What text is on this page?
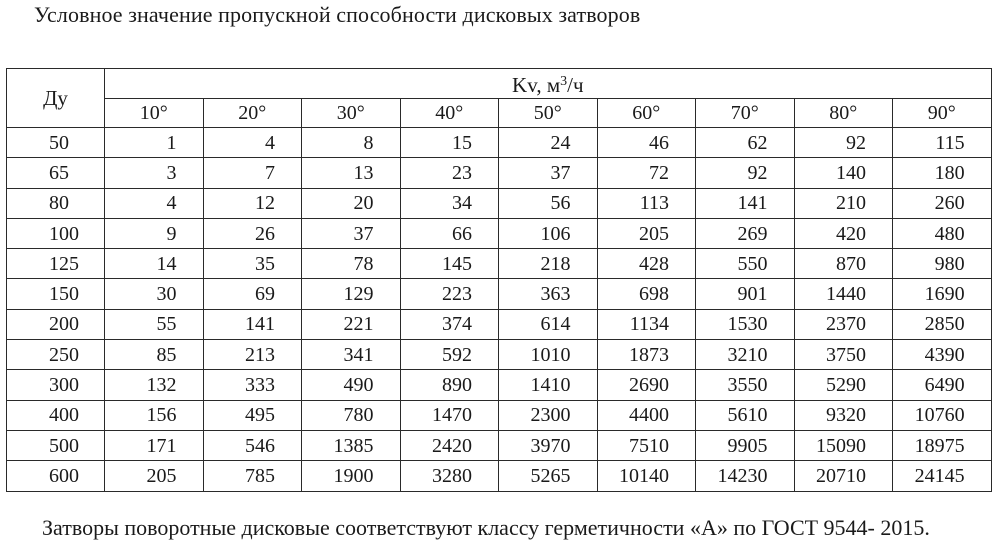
Условное значение пропускной способности дисковых затворов
Ду	Kv, $м^3/ч$								
	10°	20°	30°	40°	50°	60°	70°	80°	90°
50	1	4	8	15	24	46	62	92	115
65	3	7	13	23	37	72	92	140	180
80	4	12	20	34	56	113	141	210	260
100	9	26	37	66	106	205	269	420	480
125	14	35	78	145	218	428	550	870	980
150	30	69	129	223	363	698	901	1440	1690
200	55	141	221	374	614	1134	1530	2370	2850
250	85	213	341	592	1010	1873	3210	3750	4390
300	132	333	490	890	1410	2690	3550	5290	6490
400	156	495	780	1470	2300	4400	5610	9320	10760
500	171	546	1385	2420	3970	7510	9905	15090	18975
600	205	785	1900	3280	5265	10140	14230	20710	24145
Затворы поворотные дисковые соответствуют классу герметичности «А» по ГОСТ 9544- 2015.
